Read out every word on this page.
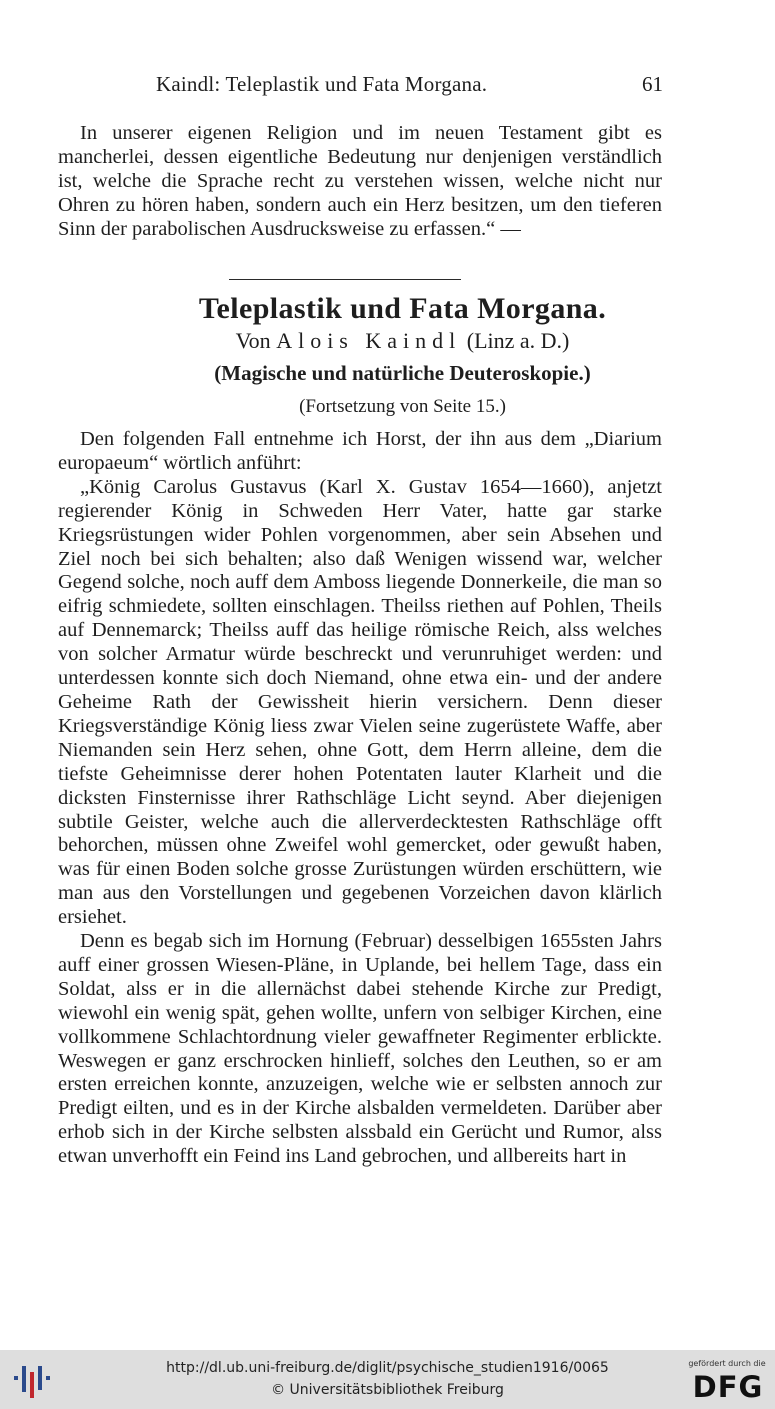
Kaindl: Teleplastik und Fata Morgana.	61

In unserer eigenen Religion und im neuen Testament gibt es mancherlei, dessen eigentliche Bedeutung nur denjenigen verständlich ist, welche die Sprache recht zu verstehen wissen, welche nicht nur Ohren zu hören haben, sondern auch ein Herz besitzen, um den tieferen Sinn der parabolischen Ausdrucksweise zu erfassen.“ —

Teleplastik und Fata Morgana.
Von Alois Kaindl (Linz a. D.)
(Magische und natürliche Deuteroskopie.)
(Fortsetzung von Seite 15.)

Den folgenden Fall entnehme ich Horst, der ihn aus dem „Diarium europaeum“ wörtlich anführt:

„König Carolus Gustavus (Karl X. Gustav 1654—1660), anjetzt regierender König in Schweden Herr Vater, hatte gar starke Kriegsrüstungen wider Pohlen vorgenommen, aber sein Absehen und Ziel noch bei sich behalten; also daß Wenigen wissend war, welcher Gegend solche, noch auff dem Amboss liegende Donnerkeile, die man so eifrig schmiedete, sollten einschlagen. Theilss riethen auf Pohlen, Theils auf Dennemarck; Theilss auff das heilige römische Reich, alss welches von solcher Armatur würde beschreckt und verunruhiget werden: und unterdessen konnte sich doch Niemand, ohne etwa ein- und der andere Geheime Rath der Gewissheit hierin versichern. Denn dieser Kriegsverständige König liess zwar Vielen seine zugerüstete Waffe, aber Niemanden sein Herz sehen, ohne Gott, dem Herrn alleine, dem die tiefste Geheimnisse derer hohen Potentaten lauter Klarheit und die dicksten Finsternisse ihrer Rathschläge Licht seynd. Aber diejenigen subtile Geister, welche auch die allerverdecktesten Rathschläge offt behorchen, müssen ohne Zweifel wohl gemercket, oder gewußt haben, was für einen Boden solche grosse Zurüstungen würden erschüttern, wie man aus den Vorstellungen und gegebenen Vorzeichen davon klärlich ersiehet.

Denn es begab sich im Hornung (Februar) desselbigen 1655sten Jahrs auff einer grossen Wiesen-Pläne, in Uplande, bei hellem Tage, dass ein Soldat, alss er in die allernächst dabei stehende Kirche zur Predigt, wiewohl ein wenig spät, gehen wollte, unfern von selbiger Kirchen, eine vollkommene Schlachtordnung vieler gewaffneter Regimenter erblickte. Weswegen er ganz erschrocken hinlieff, solches den Leuthen, so er am ersten erreichen konnte, anzuzeigen, welche wie er selbsten annoch zur Predigt eilten, und es in der Kirche alsbalden vermeldeten. Darüber aber erhob sich in der Kirche selbsten alssbald ein Gerücht und Rumor, alss etwan unverhofft ein Feind ins Land gebrochen, und allbereits hart in

http://dl.ub.uni-freiburg.de/diglit/psychische_studien1916/0065
© Universitätsbibliothek Freiburg
gefördert durch die
DFG
